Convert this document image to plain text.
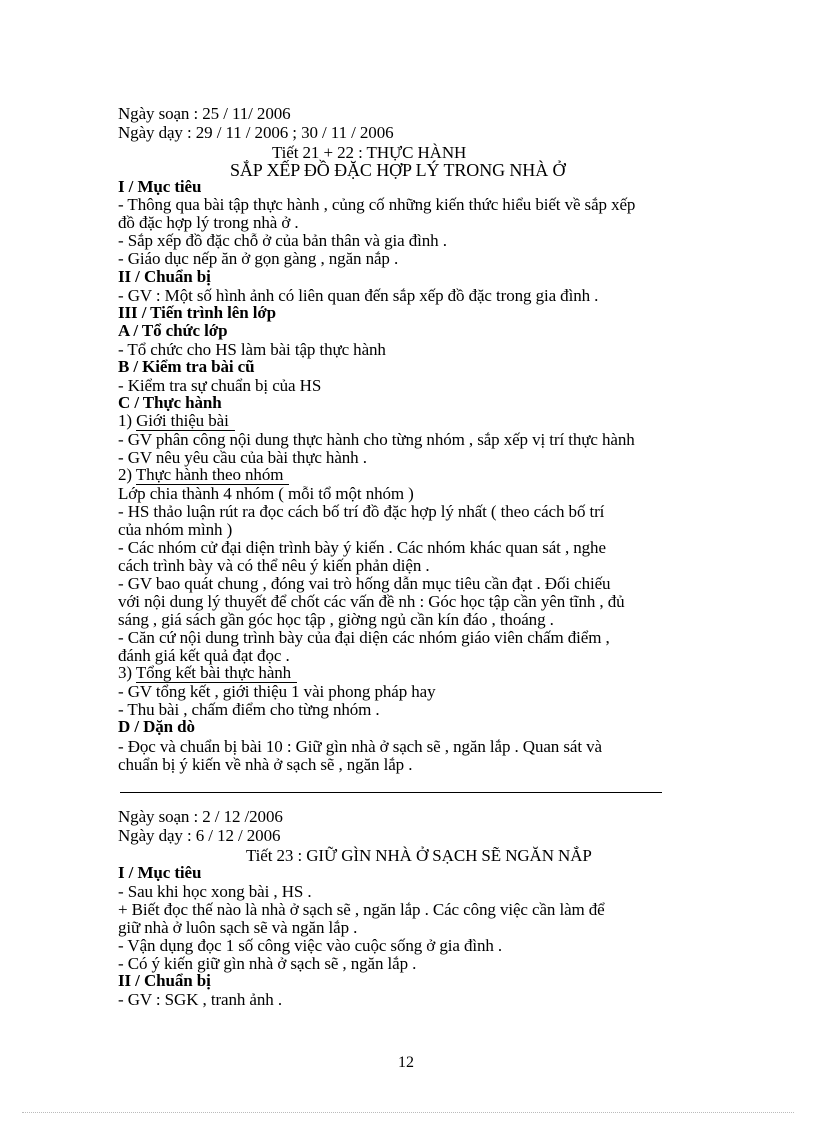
Ngày soạn : 25 / 11/ 2006
Ngày dạy : 29 / 11 / 2006 ; 30 / 11 / 2006
Tiết 21 + 22 : THỰC HÀNH
SẮP XẾP ĐỒ ĐẶC HỢP LÝ TRONG NHÀ Ở
I / Mục tiêu
- Thông qua bài tập thực hành , củng cố những kiến thức hiểu biết về sắp xếp
đồ đặc hợp lý trong nhà ở .
- Sắp xếp đồ đặc chỗ ở của bản thân và gia đình .
- Giáo dục nếp ăn ở gọn gàng , ngăn nắp .
II / Chuẩn bị
- GV : Một số hình ảnh có liên quan đến sắp xếp đồ đặc trong gia đình .
III / Tiến trình lên lớp
A / Tổ chức lớp
- Tổ chức cho HS làm bài tập thực hành
B / Kiểm tra bài cũ
- Kiểm tra sự chuẩn bị của HS
C / Thực hành
1) Giới thiệu bài
- GV phân công nội dung thực hành cho từng nhóm , sắp xếp vị trí thực hành
- GV nêu yêu cầu của bài thực hành .
2) Thực hành theo nhóm
Lớp chia thành 4 nhóm ( mỗi tổ một nhóm )
- HS thảo luận rút ra đọc cách bố trí đồ đặc hợp lý nhất ( theo cách bố trí
của nhóm mình )
- Các nhóm cử đại diện trình bày ý kiến . Các nhóm khác quan sát , nghe
cách trình bày và có thể nêu ý kiến phản diện .
- GV bao quát chung , đóng vai trò hống dẫn mục tiêu cần đạt . Đối chiếu
với nội dung lý thuyết để chốt các vấn đề nh : Góc học tập cần yên tĩnh , đủ
sáng , giá sách gần góc học tập , giờng ngủ cần kín đáo , thoáng .
- Căn cứ nội dung trình bày của đại diện các nhóm giáo viên chấm điểm ,
đánh giá kết quả đạt đọc .
3) Tổng kết bài thực hành
- GV tổng kết , giới thiệu 1 vài phong pháp hay
- Thu bài , chấm điểm cho từng nhóm .
D / Dặn dò
- Đọc và chuẩn bị bài 10 : Giữ gìn nhà ở sạch sẽ , ngăn lắp . Quan sát và
chuẩn bị ý kiến về nhà ở sạch sẽ , ngăn lắp .
Ngày soạn : 2 / 12 /2006
Ngày dạy : 6 / 12 / 2006
Tiết 23 : GIỮ GÌN NHÀ Ở SẠCH SẼ NGĂN NẮP
I / Mục tiêu
- Sau khi học xong bài , HS .
+ Biết đọc thế nào là nhà ở sạch sẽ , ngăn lắp . Các công việc cần làm để
giữ nhà ở luôn sạch sẽ và ngăn lắp .
- Vận dụng đọc 1 số công việc vào cuộc sống ở gia đình .
- Có ý kiến giữ gìn nhà ở sạch sẽ , ngăn lắp .
II / Chuẩn bị
- GV : SGK , tranh ảnh .
12
